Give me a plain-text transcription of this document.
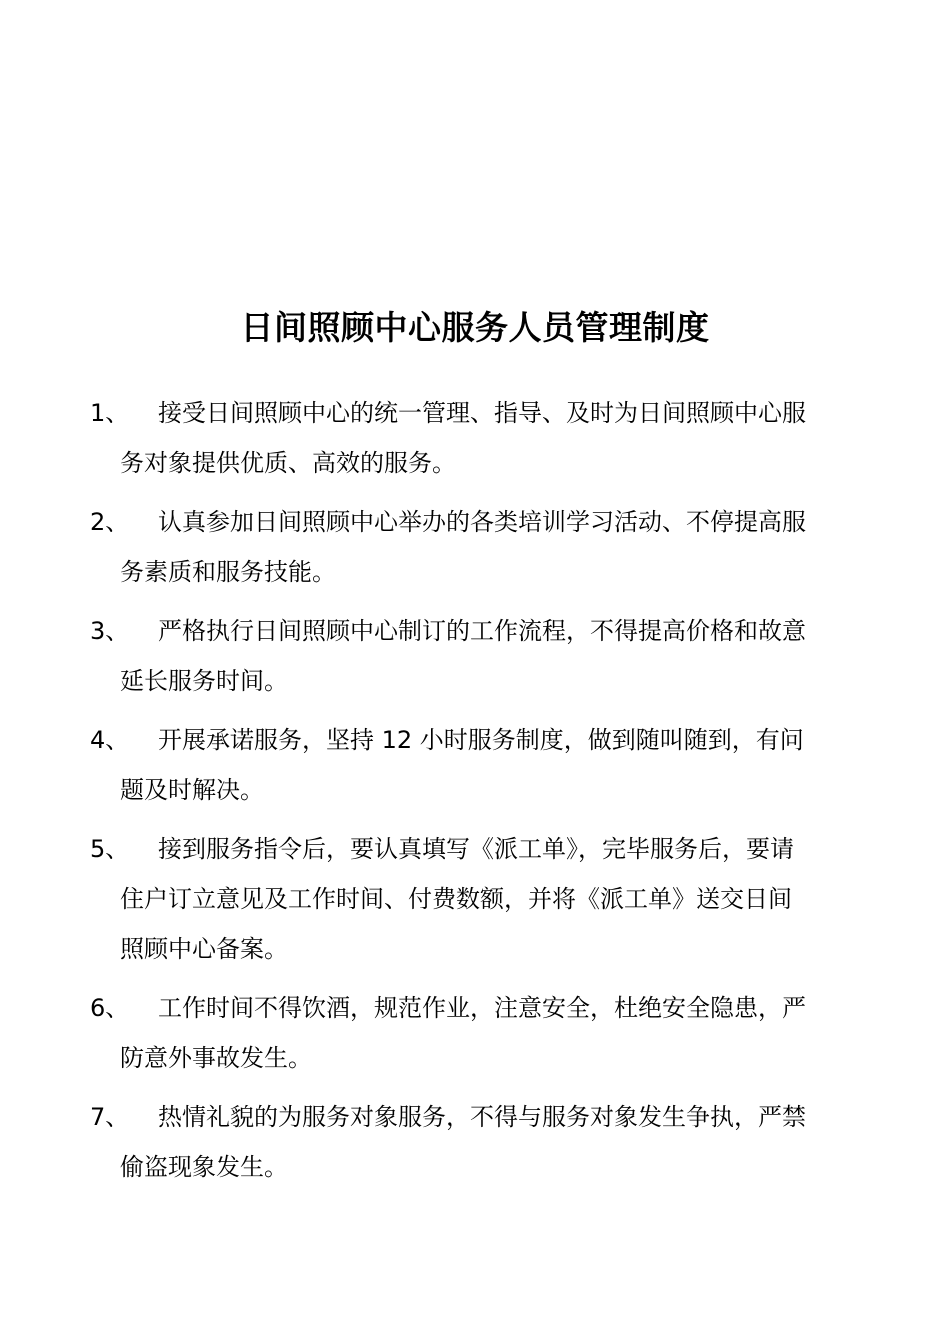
日间照顾中心服务人员管理制度
1、	接受日间照顾中心的统一管理、指导、及时为日间照顾中心服
务对象提供优质、高效的服务。
2、	认真参加日间照顾中心举办的各类培训学习活动、不停提高服
务素质和服务技能。
3、	严格执行日间照顾中心制订的工作流程，不得提高价格和故意
延长服务时间。
4、	开展承诺服务，坚持 12 小时服务制度，做到随叫随到，有问
题及时解决。
5、	接到服务指令后，要认真填写《派工单》，完毕服务后，要请
住户订立意见及工作时间、付费数额，并将《派工单》送交日间
照顾中心备案。
6、	工作时间不得饮酒，规范作业，注意安全，杜绝安全隐患，严
防意外事故发生。
7、	热情礼貌的为服务对象服务，不得与服务对象发生争执，严禁
偷盗现象发生。
